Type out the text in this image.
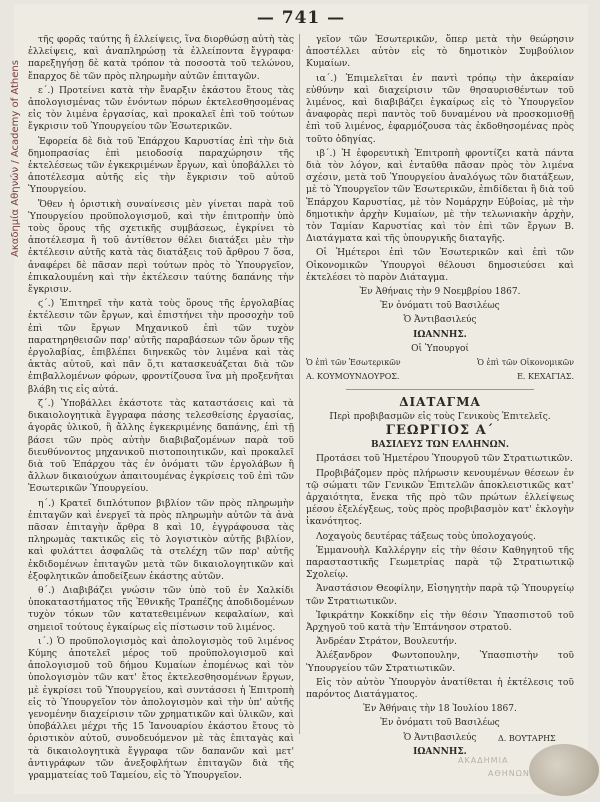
— 741 —
Ακαδημία Αθηνών / Academy of Athens

τῆς φορᾶς ταύτης ἢ ἐλλείψεις, ἵνα διορθώσῃ αὐτὴ τὰς ἐλλείψεις, καὶ ἀναπληρώσῃ τὰ ἐλλείποντα ἔγγραφα· παρεξηγήσῃ δὲ κατὰ τρόπον τὰ ποσοστὰ τοῦ τελώνου, ἔπαρχος δὲ τῶν πρὸς πληρωμὴν αὐτῶν ἐπιταγῶν.

ε΄.) Προτείνει κατὰ τὴν ἔναρξιν ἑκάστου ἔτους τὰς ἀπολογισμένας τῶν ἐνόντων πόρων ἐκτελεσθησομένας εἰς τὸν λιμένα ἐργασίας, καὶ προκαλεῖ ἐπὶ τοῦ τούτων ἔγκρισιν τοῦ Ὑπουργείου τῶν Ἐσωτερικῶν.

Ἐφορεία δὲ διὰ τοῦ Ἐπάρχου Καρυστίας ἐπὶ τὴν διὰ δημοπρασίας ἐπὶ μειοδοσίᾳ παραχώρησιν τῆς ἐκτελέσεως τῶν ἐγκεκριμένων ἔργων, καὶ ὑποβάλλει τὸ ἀποτέλεσμα αὐτῆς εἰς τὴν ἔγκρισιν τοῦ αὐτοῦ Ὑπουργείου.

Ὅθεν ἡ ὁριστικὴ συναίνεσις μὲν γίνεται παρὰ τοῦ Ὑπουργείου προϋπολογισμοῦ, καὶ τὴν ἐπιτροπὴν ὑπὸ τοὺς ὅρους τῆς σχετικῆς συμβάσεως, ἐγκρίνει τὸ ἀποτέλεσμα ἢ τοῦ ἀντίθετον θέλει διατάξει μὲν τὴν ἐκτέλεσιν αὐτῆς κατὰ τὰς διατάξεις τοῦ ἄρθρου 7 ὅσα, ἀναφέρει δὲ πᾶσαν περὶ τούτων πρὸς τὸ Ὑπουργεῖον, ἐπικαλουμένη καὶ τὴν ἐκτέλεσιν ταύτης δαπάνης τὴν ἔγκρισιν.

ϛ΄.) Ἐπιτηρεῖ τὴν κατὰ τοὺς ὅρους τῆς ἐργολαβίας ἐκτέλεσιν τῶν ἔργων, καὶ ἐπιστήνει τὴν προσοχὴν τοῦ ἐπὶ τῶν ἔργων Μηχανικοῦ ἐπὶ τῶν τυχὸν παρατηρηθεισῶν παρ' αὐτῆς παραβάσεων τῶν ὅρων τῆς ἐργολαβίας, ἐπιβλέπει διηνεκῶς τὸν λιμένα καὶ τὰς ἀκτὰς αὐτοῦ, καὶ πᾶν ὅ,τι κατασκευάζεται διὰ τῶν ἐπιβαλλομένων φόρων, φροντίζουσα ἵνα μὴ προξενῆται βλάβη τις εἰς αὐτά.

ζ΄.) Ὑποβάλλει ἑκάστοτε τὰς καταστάσεις καὶ τὰ δικαιολογητικὰ ἔγγραφα πάσης τελεσθείσης ἐργασίας, ἀγορᾶς ὑλικοῦ, ἢ ἄλλης ἐγκεκριμένης δαπάνης, ἐπὶ τῇ βάσει τῶν πρὸς αὐτὴν διαβιβαζομένων παρὰ τοῦ διευθύνοντος μηχανικοῦ πιστοποιητικῶν, καὶ προκαλεῖ διὰ τοῦ Ἐπάρχου τὰς ἐν ὀνόματι τῶν ἐργολάβων ἢ ἄλλων δικαιούχων ἀπαιτουμένας ἐγκρίσεις τοῦ ἐπὶ τῶν Ἐσωτερικῶν Ὑπουργείου.

η΄.) Κρατεῖ διπλότυπον βιβλίον τῶν πρὸς πληρωμὴν ἐπιταγῶν καὶ ἐνεργεῖ τὰ πρὸς πληρωμὴν αὐτῶν τὰ ἀνὰ πᾶσαν ἐπιταγὴν ἄρθρα 8 καὶ 10, ἐγγράφουσα τὰς πληρωμὰς τακτικῶς εἰς τὸ λογιστικὸν αὐτῆς βιβλίον, καὶ φυλάττει ἀσφαλῶς τὰ στελέχη τῶν παρ' αὐτῆς ἐκδιδομένων ἐπιταγῶν μετὰ τῶν δικαιολογητικῶν καὶ ἐξοφλητικῶν ἀποδείξεων ἑκάστης αὐτῶν.

θ΄.) Διαβιβάζει γνώσιν τῶν ὑπὸ τοῦ ἐν Χαλκίδι ὑποκαταστήματος τῆς Ἐθνικῆς Τραπέζης ἀποδιδομένων τυχὸν τόκων τῶν κατατεθειμένων κεφαλαίων, καὶ σημειοῖ τούτους ἐγκαίρως εἰς πίστωσιν τοῦ λιμένος.

ι΄.) Ὁ προϋπολογισμὸς καὶ ἀπολογισμὸς τοῦ λιμένος Κύμης ἀποτελεῖ μέρος τοῦ προϋπολογισμοῦ καὶ ἀπολογισμοῦ τοῦ δήμου Κυμαίων ἐπομένως καὶ τὸν ὑπολογισμὸν τῶν κατ' ἔτος ἐκτελεσθησομένων ἔργων, μὲ ἐγκρίσει τοῦ Ὑπουργείου, καὶ συντάσσει ἡ Ἐπιτροπὴ εἰς τὸ Ὑπουργεῖον τὸν ἀπολογισμὸν καὶ τὴν ὑπ' αὐτῆς γενομένην διαχείρισιν τῶν χρηματικῶν καὶ ὑλικῶν, καὶ ὑποβάλλει μέχρι τῆς 15 Ἰανουαρίου ἑκάστου ἔτους τὸ ὁριστικὸν αὐτοῦ, συνοδευόμενον μὲ τὰς ἐπιταγὰς καὶ τὰ δικαιολογητικὰ ἔγγραφα τῶν δαπανῶν καὶ μετ' ἀντιγράφων τῶν ἀνεξοφλήτων ἐπιταγῶν διὰ τῆς γραμματείας τοῦ Ταμείου, εἰς τὸ Ὑπουργεῖον.

γεῖον τῶν Ἐσωτερικῶν, ὅπερ μετὰ τὴν θεώρησιν ἀποστέλλει αὐτὸν εἰς τὸ δημοτικὸν Συμβούλιον Κυμαίων.

ια΄.) Ἐπιμελεῖται ἐν παντὶ τρόπῳ τὴν ἀκεραίαν εὐθύνην καὶ διαχείρισιν τῶν θησαυρισθέντων τοῦ λιμένος, καὶ διαβιβάζει ἐγκαίρως εἰς τὸ Ὑπουργεῖον ἀναφορὰς περὶ παντὸς τοῦ δυναμένου νὰ προσκομισθῇ ἐπὶ τοῦ λιμένος, ἐφαρμόζουσα τὰς ἐκδοθησομένας πρὸς τοῦτο ὁδηγίας.

ιβ΄.) Ἡ ἐφορευτικὴ Ἐπιτροπὴ φροντίζει κατὰ πάντα διὰ τὸν λόγον, καὶ ἐνταῦθα πᾶσαν πρὸς τὸν λιμένα σχέσιν, μετὰ τοῦ Ὑπουργείου ἀναλόγως τῶν διατάξεων, μὲ τὸ Ὑπουργεῖον τῶν Ἐσωτερικῶν, ἐπιδίδεται ἢ διὰ τοῦ Ἐπάρχου Καρυστίας, μὲ τὸν Νομάρχην Εὐβοίας, μὲ τὴν δημοτικὴν ἀρχὴν Κυμαίων, μὲ τὴν τελωνιακὴν ἀρχὴν, τὸν Ταμίαν Καρυστίας καὶ τὸν ἐπὶ τῶν ἔργων Β. Διατάγματα καὶ τῆς ὑπουργικῆς διαταγῆς.

Οἱ Ἡμέτεροι ἐπὶ τῶν Ἐσωτερικῶν καὶ ἐπὶ τῶν Οἰκονομικῶν Ὑπουργοὶ θέλουσι δημοσιεύσει καὶ ἐκτελέσει τὸ παρὸν Διάταγμα.

Ἐν Ἀθήναις τὴν 9 Νοεμβρίου 1867.

Ἐν ὀνόματι τοῦ Βασιλέως

Ὁ Ἀντιβασιλεύς

ΙΩΑΝΝΗΣ.

Οἱ Ὑπουργοί

Ὁ ἐπὶ τῶν Ἐσωτερικῶν	Ὁ ἐπὶ τῶν Οἰκονομικῶν
Α. ΚΟΥΜΟΥΝΔΟΥΡΟΣ.	Ε. ΚΕΧΑΓΙΑΣ.

ΔΙΑΤΑΓΜΑ

Περὶ προβιβασμῶν εἰς τοὺς Γενικοὺς Ἐπιτελεῖς.

ΓΕΩΡΓΙΟΣ Α΄

ΒΑΣΙΛΕΥΣ ΤΩΝ ΕΛΛΗΝΩΝ.

Προτάσει τοῦ Ἡμετέρου Ὑπουργοῦ τῶν Στρατιωτικῶν.

Προβιβάζομεν πρὸς πλήρωσιν κενουμένων θέσεων ἐν τῷ σώματι τῶν Γενικῶν Ἐπιτελῶν ἀποκλειστικῶς κατ' ἀρχαιότητα, ἔνεκα τῆς πρὸ τῶν πρώτων ἐλλείψεως μέσου ἐξελέγξεως, τοὺς πρὸς προβιβασμὸν κατ' ἐκλογὴν ἱκανότητος.

Λοχαγοὺς δευτέρας τάξεως τοὺς ὑπολοχαγούς.

Ἐμμανουὴλ Καλλέργην εἰς τὴν θέσιν Καθηγητοῦ τῆς παρασταστικῆς Γεωμετρίας παρὰ τῷ Στρατιωτικῷ Σχολείῳ.

Ἀναστάσιον Θεοφίλην, Εἰσηγητὴν παρὰ τῷ Ὑπουργείῳ τῶν Στρατιωτικῶν.

Ἰφικράτην Κοκκίδην εἰς τὴν θέσιν Ὑπασπιστοῦ τοῦ Ἀρχηγοῦ τοῦ κατὰ τὴν Ἐπτάνησον στρατοῦ.

Ἀνδρέαν Στράτον, Βουλευτήν.

Ἀλέξανδρον Φωντοπουλην, Ὑπασπιστὴν τοῦ Ὑπουργείου τῶν Στρατιωτικῶν.

Εἰς τὸν αὐτὸν Ὑπουργὸν ἀνατίθεται ἡ ἐκτέλεσις τοῦ παρόντος Διατάγματος.

Ἐν Ἀθήναις τὴν 18 Ἰουλίου 1867.

Ἐν ὀνόματι τοῦ Βασιλέως

Ὁ Ἀντιβασιλεύς

ΙΩΑΝΝΗΣ.

Δ. ΒΟΥΤΑΡΗΣ
ΑΚΑΔΗΜΙΑ
ΑΘΗΝΩΝ
